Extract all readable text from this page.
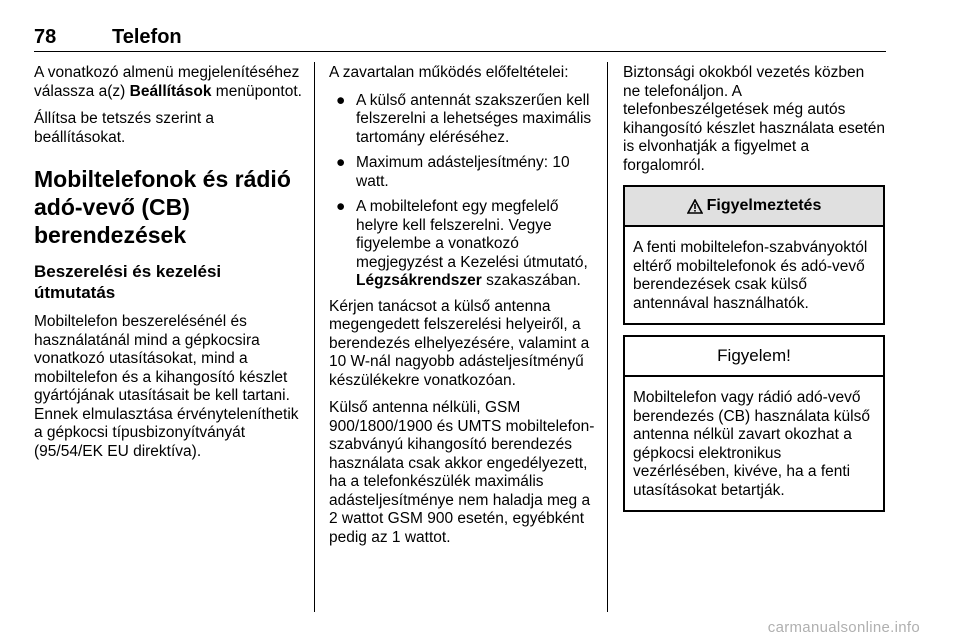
78	Telefon

A vonatkozó almenü megjelenítéséhez válassza a(z) Beállítások menüpontot.

Állítsa be tetszés szerint a beállításokat.

Mobiltelefonok és rádió adó-vevő (CB) berendezések
Beszerelési és kezelési útmutatás

Mobiltelefon beszerelésénél és használatánál mind a gépkocsira vonatkozó utasításokat, mind a mobiltelefon és a kihangosító készlet gyártójának utasításait be kell tartani. Ennek elmulasztása érvényteleníthetik a gépkocsi típusbizonyítványát (95/54/EK EU direktíva).

A zavartalan működés előfeltételei:

● A külső antennát szakszerűen kell felszerelni a lehetséges maximális tartomány eléréséhez.
● Maximum adásteljesítmény: 10 watt.
● A mobiltelefont egy megfelelő helyre kell felszerelni. Vegye figyelembe a vonatkozó megjegyzést a Kezelési útmutató, Légzsákrendszer szakaszában.

Kérjen tanácsot a külső antenna megengedett felszerelési helyeiről, a berendezés elhelyezésére, valamint a 10 W-nál nagyobb adásteljesítményű készülékekre vonatkozóan.

Külső antenna nélküli, GSM 900/1800/1900 és UMTS mobiltelefon-szabványú kihangosító berendezés használata csak akkor engedélyezett, ha a telefonkészülék maximális adásteljesítménye nem haladja meg a 2 wattot GSM 900 esetén, egyébként pedig az 1 wattot.

Biztonsági okokból vezetés közben ne telefonáljon. A telefonbeszélgetések még autós kihangosító készlet használata esetén is elvonhatják a figyelmet a forgalomról.

Figyelmeztetés
A fenti mobiltelefon-szabványoktól eltérő mobiltelefonok és adó-vevő berendezések csak külső antennával használhatók.
Figyelem!
Mobiltelefon vagy rádió adó-vevő berendezés (CB) használata külső antenna nélkül zavart okozhat a gépkocsi elektronikus vezérlésében, kivéve, ha a fenti utasításokat betartják.
carmanualsonline.info
